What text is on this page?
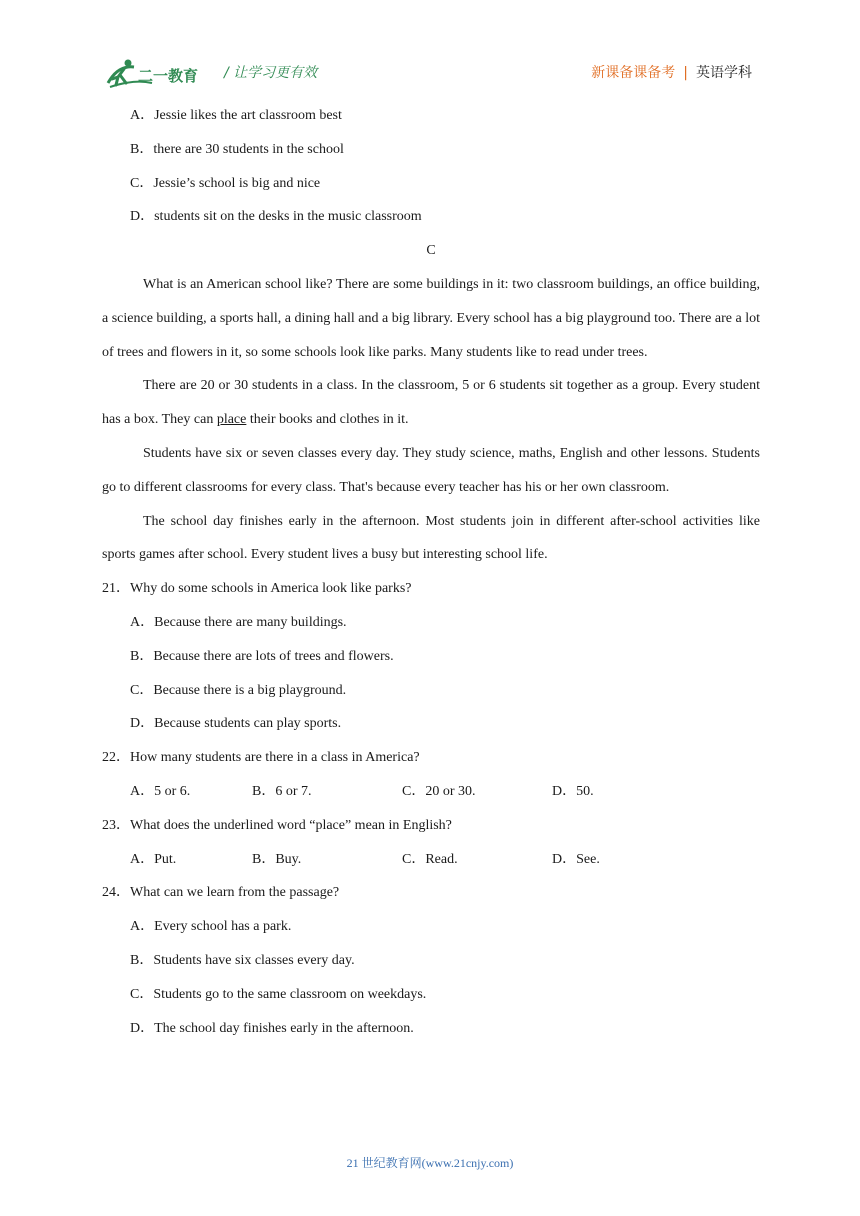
二一教育 / 让学习更有效	新课备课备考 | 英语学科
A．Jessie likes the art classroom best
B．there are 30 students in the school
C．Jessie’s school is big and nice
D．students sit on the desks in the music classroom
C

What is an American school like? There are some buildings in it: two classroom buildings, an office building, a science building, a sports hall, a dining hall and a big library. Every school has a big playground too. There are a lot of trees and flowers in it, so some schools look like parks. Many students like to read under trees.

There are 20 or 30 students in a class. In the classroom, 5 or 6 students sit together as a group. Every student has a box. They can place their books and clothes in it.

Students have six or seven classes every day. They study science, maths, English and other lessons. Students go to different classrooms for every class. That's because every teacher has his or her own classroom.

The school day finishes early in the afternoon. Most students join in different after-school activities like sports games after school. Every student lives a busy but interesting school life.

21．Why do some schools in America look like parks?
A．Because there are many buildings.
B．Because there are lots of trees and flowers.
C．Because there is a big playground.
D．Because students can play sports.
22．How many students are there in a class in America?
A．5 or 6.	B．6 or 7.	C．20 or 30.	D．50.
23．What does the underlined word “place” mean in English?
A．Put.	B．Buy.	C．Read.	D．See.
24．What can we learn from the passage?
A．Every school has a park.
B．Students have six classes every day.
C．Students go to the same classroom on weekdays.
D．The school day finishes early in the afternoon.
21 世纪教育网(www.21cnjy.com)
